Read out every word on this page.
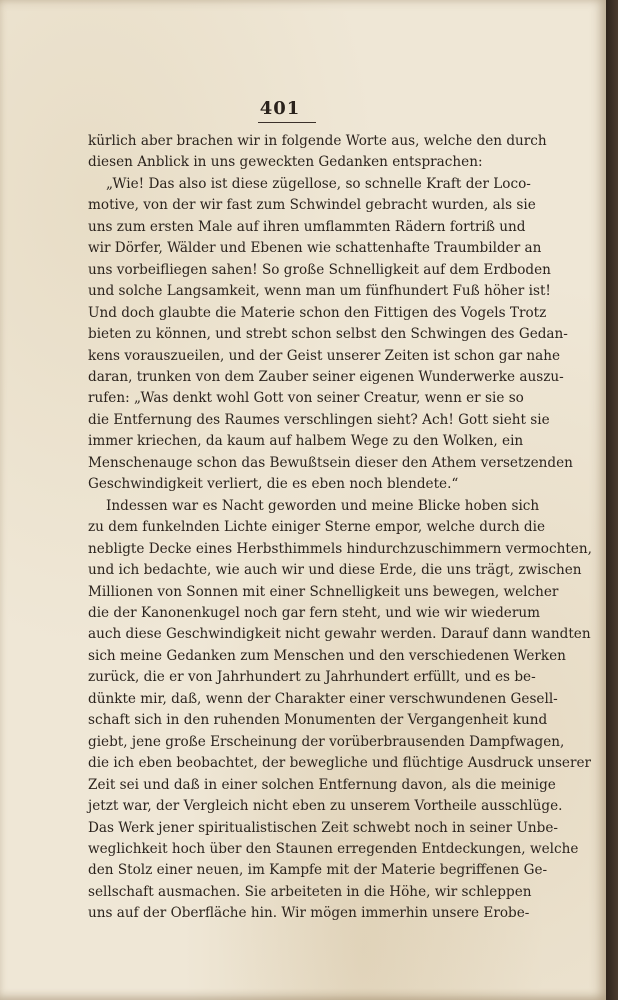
401
kürlich aber brachen wir in folgende Worte aus, welche den durch
diesen Anblick in uns geweckten Gedanken entsprachen:
„Wie! Das also ist diese zügellose, so schnelle Kraft der Loco-
motive, von der wir fast zum Schwindel gebracht wurden, als sie
uns zum ersten Male auf ihren umflammten Rädern fortriß und
wir Dörfer, Wälder und Ebenen wie schattenhafte Traumbilder an
uns vorbeifliegen sahen! So große Schnelligkeit auf dem Erdboden
und solche Langsamkeit, wenn man um fünfhundert Fuß höher ist!
Und doch glaubte die Materie schon den Fittigen des Vogels Trotz
bieten zu können, und strebt schon selbst den Schwingen des Gedan-
kens vorauszueilen, und der Geist unserer Zeiten ist schon gar nahe
daran, trunken von dem Zauber seiner eigenen Wunderwerke auszu-
rufen: „Was denkt wohl Gott von seiner Creatur, wenn er sie so
die Entfernung des Raumes verschlingen sieht? Ach! Gott sieht sie
immer kriechen, da kaum auf halbem Wege zu den Wolken, ein
Menschenauge schon das Bewußtsein dieser den Athem versetzenden
Geschwindigkeit verliert, die es eben noch blendete.“
Indessen war es Nacht geworden und meine Blicke hoben sich
zu dem funkelnden Lichte einiger Sterne empor, welche durch die
nebligte Decke eines Herbsthimmels hindurchzuschimmern vermochten,
und ich bedachte, wie auch wir und diese Erde, die uns trägt, zwischen
Millionen von Sonnen mit einer Schnelligkeit uns bewegen, welcher
die der Kanonenkugel noch gar fern steht, und wie wir wiederum
auch diese Geschwindigkeit nicht gewahr werden. Darauf dann wandten
sich meine Gedanken zum Menschen und den verschiedenen Werken
zurück, die er von Jahrhundert zu Jahrhundert erfüllt, und es be-
dünkte mir, daß, wenn der Charakter einer verschwundenen Gesell-
schaft sich in den ruhenden Monumenten der Vergangenheit kund
giebt, jene große Erscheinung der vorüberbrausenden Dampfwagen,
die ich eben beobachtet, der bewegliche und flüchtige Ausdruck unserer
Zeit sei und daß in einer solchen Entfernung davon, als die meinige
jetzt war, der Vergleich nicht eben zu unserem Vortheile ausschlüge.
Das Werk jener spiritualistischen Zeit schwebt noch in seiner Unbe-
weglichkeit hoch über den Staunen erregenden Entdeckungen, welche
den Stolz einer neuen, im Kampfe mit der Materie begriffenen Ge-
sellschaft ausmachen. Sie arbeiteten in die Höhe, wir schleppen
uns auf der Oberfläche hin. Wir mögen immerhin unsere Erobe-
